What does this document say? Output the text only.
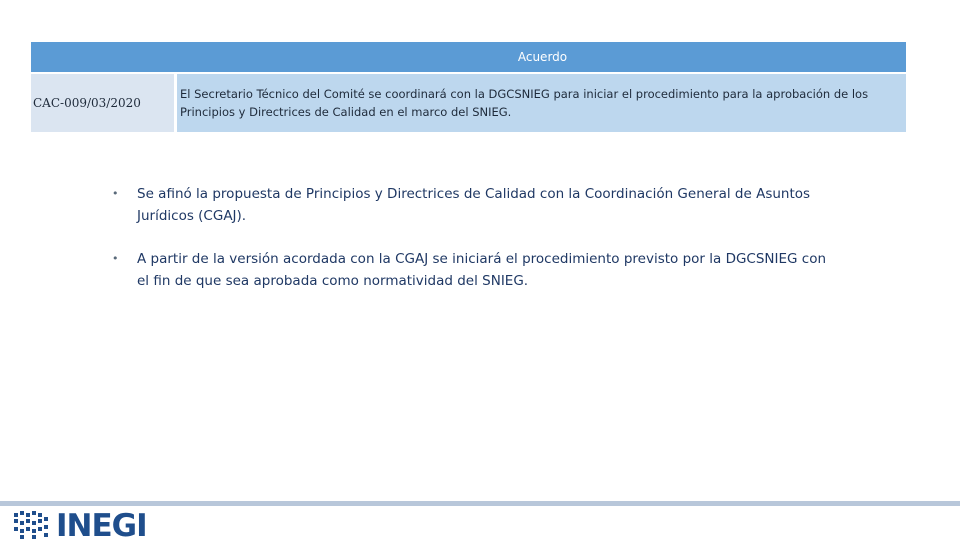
Acuerdo
CAC-009/03/2020
El Secretario Técnico del Comité se coordinará con la DGCSNIEG para iniciar el procedimiento para la aprobación de los Principios y Directrices de Calidad en el marco del SNIEG.
•	Se afinó la propuesta de Principios y Directrices de Calidad con la Coordinación General de Asuntos Jurídicos (CGAJ).
•	A partir de la versión acordada con la CGAJ se iniciará el procedimiento previsto por la DGCSNIEG con el fin de que sea aprobada como normatividad del SNIEG.
INEGI
